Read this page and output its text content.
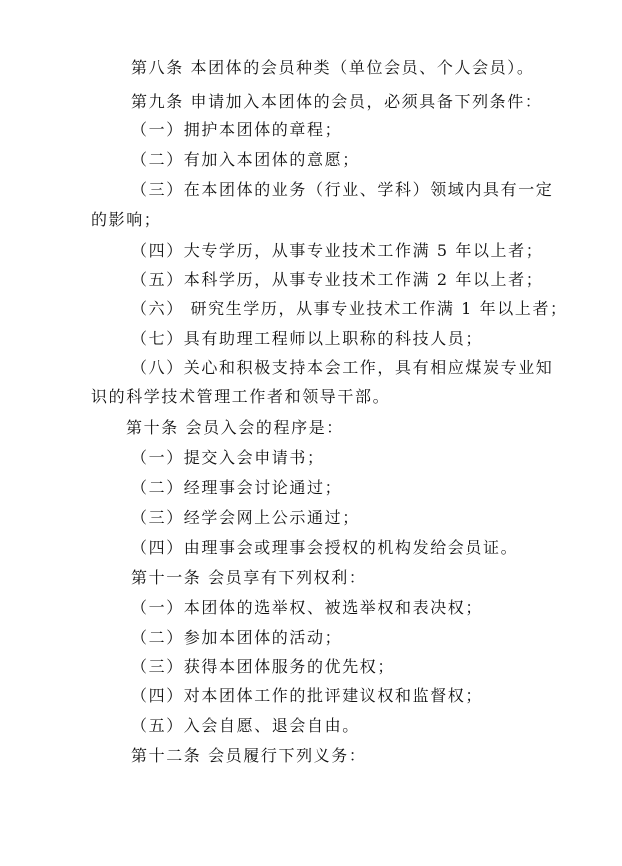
第八条 本团体的会员种类（单位会员、个人会员）。
第九条 申请加入本团体的会员，必须具备下列条件：
（一）拥护本团体的章程；
（二）有加入本团体的意愿；
（三）在本团体的业务（行业、学科）领域内具有一定
的影响；
（四）大专学历，从事专业技术工作满 5 年以上者；
（五）本科学历，从事专业技术工作满 2 年以上者；
（六） 研究生学历，从事专业技术工作满 1 年以上者；
（七）具有助理工程师以上职称的科技人员；
（八）关心和积极支持本会工作，具有相应煤炭专业知
识的科学技术管理工作者和领导干部。
第十条 会员入会的程序是：
（一）提交入会申请书；
（二）经理事会讨论通过；
（三）经学会网上公示通过；
（四）由理事会或理事会授权的机构发给会员证。
第十一条 会员享有下列权利：
（一）本团体的选举权、被选举权和表决权；
（二）参加本团体的活动；
（三）获得本团体服务的优先权；
（四）对本团体工作的批评建议权和监督权；
（五）入会自愿、退会自由。
第十二条 会员履行下列义务：
